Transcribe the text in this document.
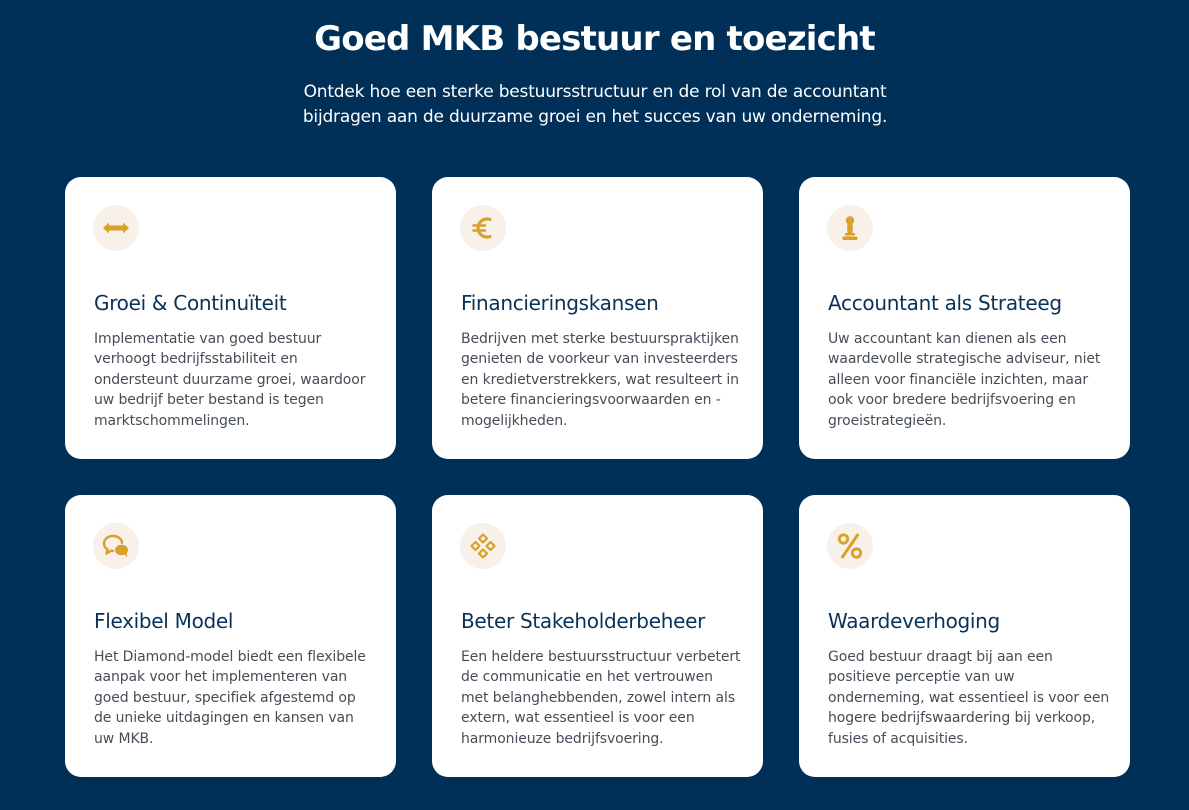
Goed MKB bestuur en toezicht

Ontdek hoe een sterke bestuursstructuur en de rol van de accountant bijdragen aan de duurzame groei en het succes van uw onderneming.

Groei & Continuïteit

Implementatie van goed bestuur verhoogt bedrijfsstabiliteit en ondersteunt duurzame groei, waardoor uw bedrijf beter bestand is tegen marktschommelingen.

Financieringskansen

Bedrijven met sterke bestuurspraktijken genieten de voorkeur van investeerders en kredietverstrekkers, wat resulteert in betere financieringsvoorwaarden en -mogelijkheden.

Accountant als Strateeg

Uw accountant kan dienen als een waardevolle strategische adviseur, niet alleen voor financiële inzichten, maar ook voor bredere bedrijfsvoering en groeistrategieën.

Flexibel Model

Het Diamond-model biedt een flexibele aanpak voor het implementeren van goed bestuur, specifiek afgestemd op de unieke uitdagingen en kansen van uw MKB.

Beter Stakeholderbeheer

Een heldere bestuursstructuur verbetert de communicatie en het vertrouwen met belanghebbenden, zowel intern als extern, wat essentieel is voor een harmonieuze bedrijfsvoering.

Waardeverhoging

Goed bestuur draagt bij aan een positieve perceptie van uw onderneming, wat essentieel is voor een hogere bedrijfswaardering bij verkoop, fusies of acquisities.
